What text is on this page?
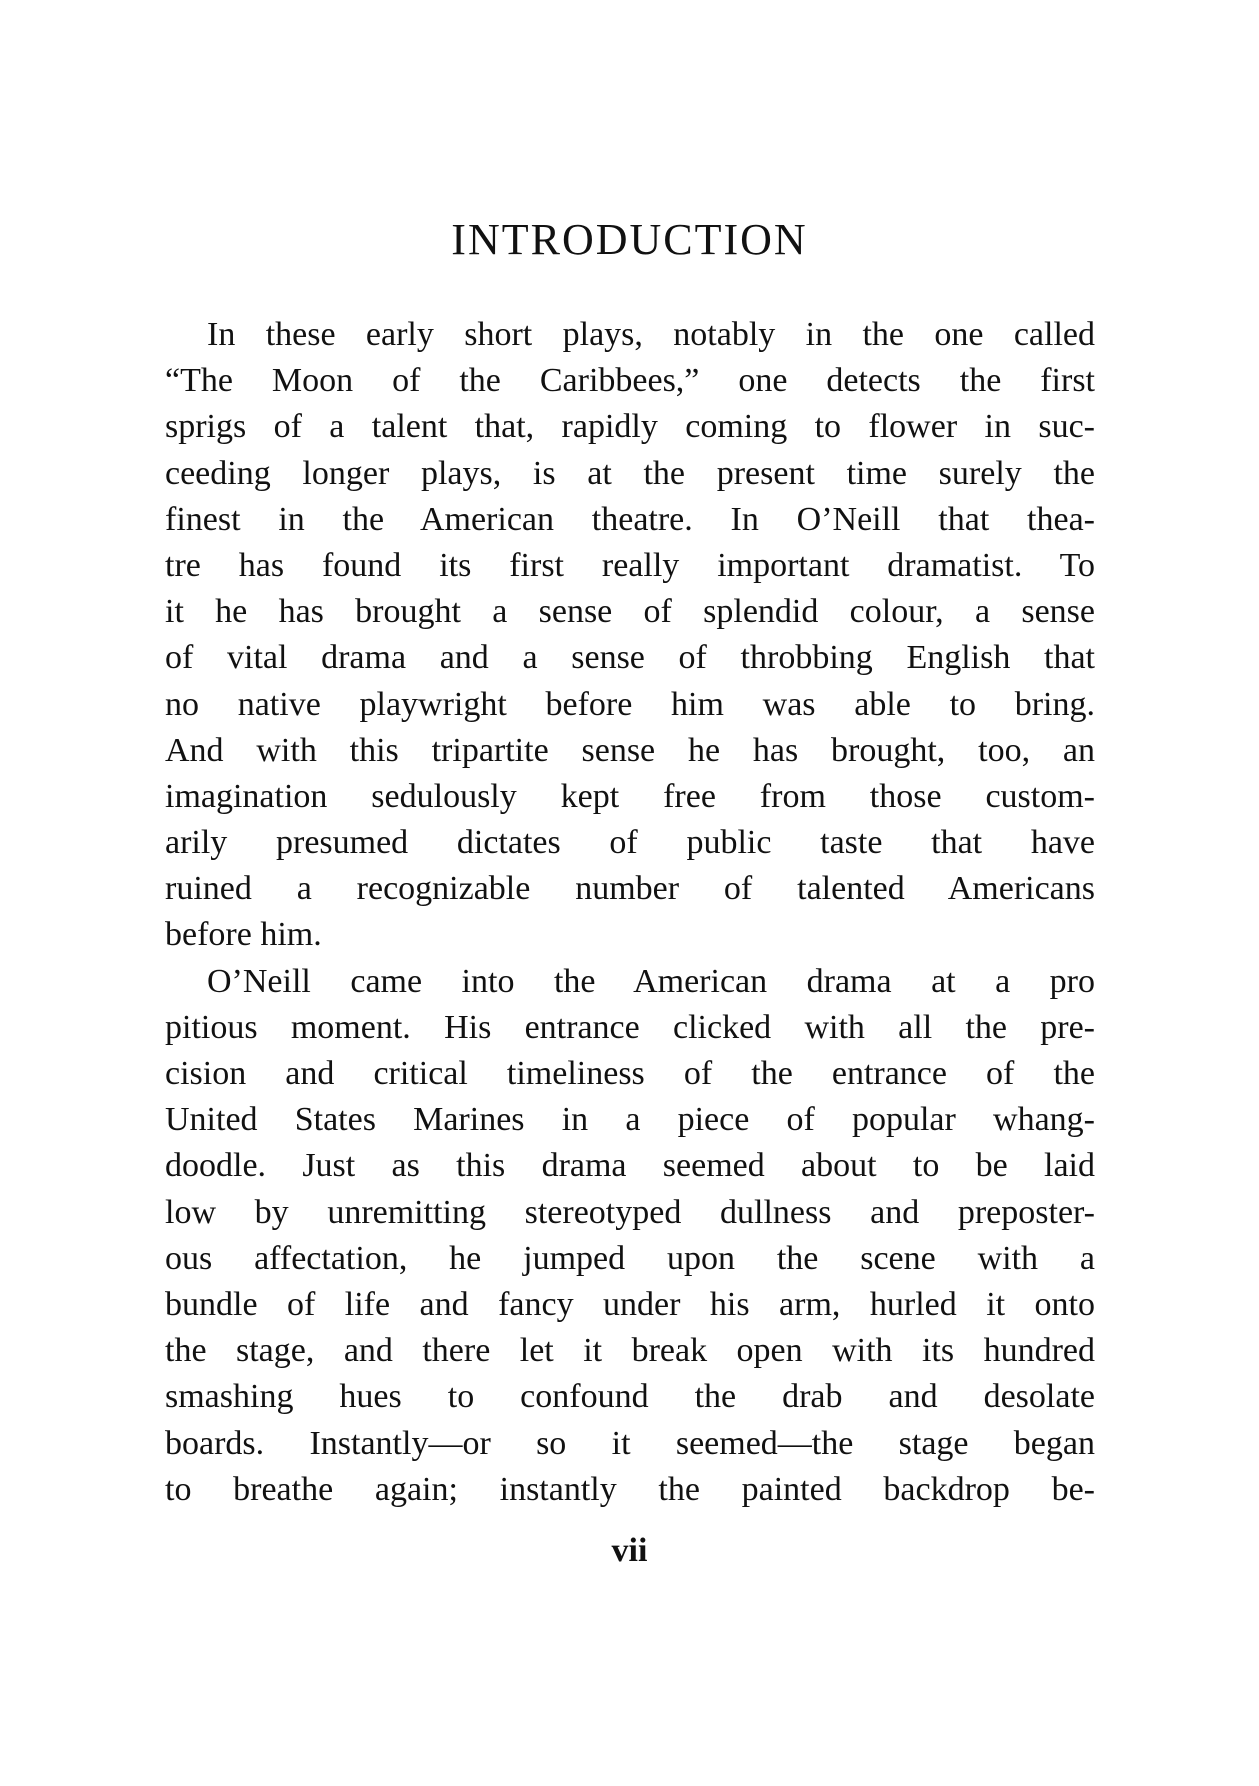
INTRODUCTION
In these early short plays, notably in the one called
“The Moon of the Caribbees,” one detects the first
sprigs of a talent that, rapidly coming to flower in suc-
ceeding longer plays, is at the present time surely the
finest in the American theatre. In O’Neill that thea-
tre has found its first really important dramatist. To
it he has brought a sense of splendid colour, a sense
of vital drama and a sense of throbbing English that
no native playwright before him was able to bring.
And with this tripartite sense he has brought, too, an
imagination sedulously kept free from those custom-
arily presumed dictates of public taste that have
ruined a recognizable number of talented Americans
before him.
O’Neill came into the American drama at a pro
pitious moment. His entrance clicked with all the pre-
cision and critical timeliness of the entrance of the
United States Marines in a piece of popular whang-
doodle. Just as this drama seemed about to be laid
low by unremitting stereotyped dullness and preposter-
ous affectation, he jumped upon the scene with a
bundle of life and fancy under his arm, hurled it onto
the stage, and there let it break open with its hundred
smashing hues to confound the drab and desolate
boards. Instantly—or so it seemed—the stage began
to breathe again; instantly the painted backdrop be-
vii
